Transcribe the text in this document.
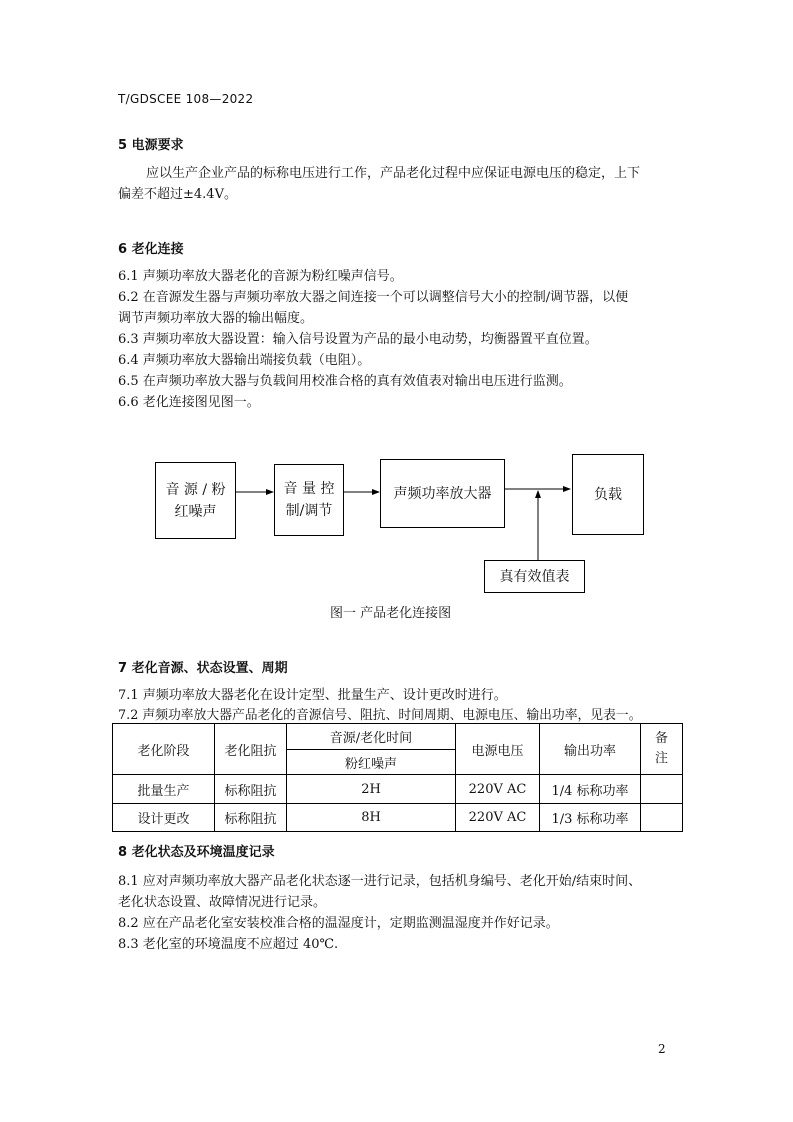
T/GDSCEE 108—2022
5 电源要求
应以生产企业产品的标称电压进行工作，产品老化过程中应保证电源电压的稳定，上下
偏差不超过±4.4V。
6 老化连接
6.1 声频功率放大器老化的音源为粉红噪声信号。
6.2 在音源发生器与声频功率放大器之间连接一个可以调整信号大小的控制/调节器，以便
调节声频功率放大器的输出幅度。
6.3 声频功率放大器设置：输入信号设置为产品的最小电动势，均衡器置平直位置。
6.4 声频功率放大器输出端接负载（电阻）。
6.5 在声频功率放大器与负载间用校准合格的真有效值表对输出电压进行监测。
6.6 老化连接图见图一。
音 源 / 粉
红噪声
音 量 控
制/调节
声频功率放大器	负载
真有效值表
图一 产品老化连接图
7 老化音源、状态设置、周期
7.1 声频功率放大器老化在设计定型、批量生产、设计更改时进行。
7.2 声频功率放大器产品老化的音源信号、阻抗、时间周期、电源电压、输出功率，见表一。
老化阶段	老化阻抗	音源/老化时间	电源电压	输出功率	备
注

		粉红噪声			
批量生产	标称阻抗	2H	220V AC	1/4 标称功率	
设计更改	标称阻抗	8H	220V AC	1/3 标称功率	
8 老化状态及环境温度记录
8.1 应对声频功率放大器产品老化状态逐一进行记录，包括机身编号、老化开始/结束时间、
老化状态设置、故障情况进行记录。
8.2 应在产品老化室安装校准合格的温湿度计，定期监测温湿度并作好记录。
8.3 老化室的环境温度不应超过 40℃.
2
